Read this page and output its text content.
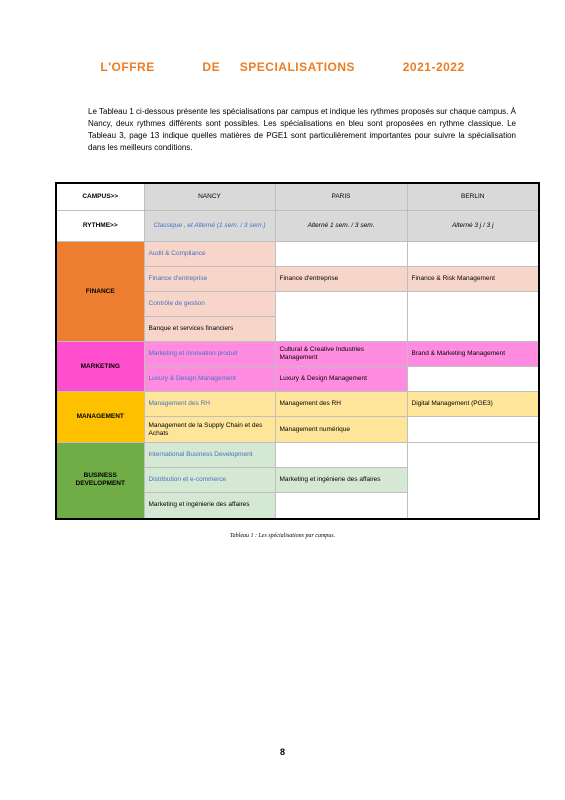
L'OFFRE	DE SPECIALISATIONS	2021-2022

Le Tableau 1 ci-dessous présente les spécialisations par campus et indique les rythmes proposés sur chaque campus. À Nancy, deux rythmes différents sont possibles. Les spécialisations en bleu sont proposées en rythme classique. Le Tableau 3, page 13 indique quelles matières de PGE1 sont particulièrement importantes pour suivre la spécialisation dans les meilleurs conditions.

CAMPUS>>	NANCY	PARIS	BERLIN
RYTHME>>	Classique , et Alterné (1 sem. / 3 sem.)	Alterné 1 sem. / 3 sem.	Alterné 3 j / 3 j
FINANCE	Audit & Compliance		
	Finance d'entreprise	Finance d'entreprise	Finance & Risk Management
	Contrôle de gestion		
	Banque et services financiers		
MARKETING	Marketing et innovation produit	Cultural & Creative Industries Management	Brand & Marketing Management
	Luxury & Design Management	Luxury & Design Management	
MANAGEMENT	Management des RH	Management des RH	Digital Management (PGE3)
	Management de la Supply Chain et des Achats	Management numérique	
BUSINESS DEVELOPMENT	International Business Development		
	Distribution et e-commerce	Marketing et ingénierie des affaires	
	Marketing et ingénierie des affaires		
Tableau 1 : Les spécialisations par campus.
8
